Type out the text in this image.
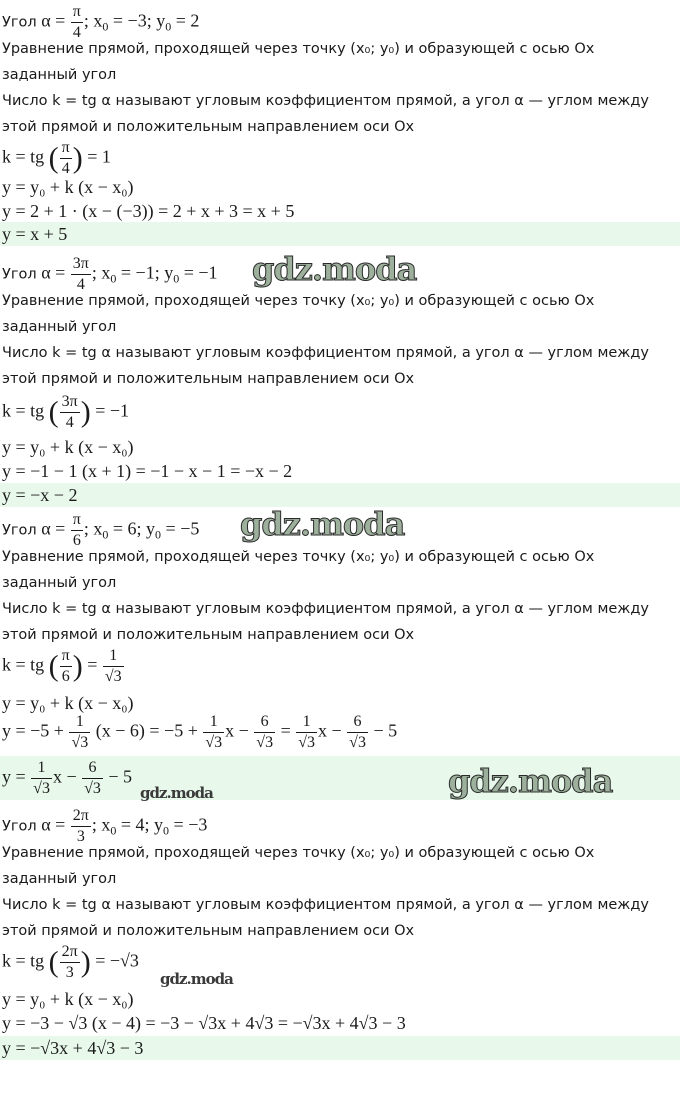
Угол $\alpha = \frac{\pi}{4}$ ; $x_0 = -3$; $y_0 = 2$
Уравнение прямой, проходящей через точку (x₀; y₀) и образующей с осью Ox
заданный угол
Число k = tg α называют угловым коэффициентом прямой, а угол α — углом между
этой прямой и положительным направлением оси Ox
k = tg ( $\frac{\pi}{4}$ ) = 1
y = y₀ + k (x − x₀)
y = 2 + 1 · (x − (−3)) = 2 + x + 3 = x + 5
y = x + 5
Угол $\alpha = \frac{3\pi}{4}$ ; $x_0 = -1$; $y_0 = -1$
Уравнение прямой, проходящей через точку (x₀; y₀) и образующей с осью Ox
заданный угол
Число k = tg α называют угловым коэффициентом прямой, а угол α — углом между
этой прямой и положительным направлением оси Ox
k = tg ( $\frac{3\pi}{4}$ ) = −1
y = y₀ + k (x − x₀)
y = −1 − 1 (x + 1) = −1 − x − 1 = −x − 2
y = −x − 2
Угол $\alpha = \frac{\pi}{6}$ ; $x_0 = 6$; $y_0 = -5$
Уравнение прямой, проходящей через точку (x₀; y₀) и образующей с осью Ox
заданный угол
Число k = tg α называют угловым коэффициентом прямой, а угол α — углом между
этой прямой и положительным направлением оси Ox
k = tg ( $\frac{\pi}{6}$ ) = $\frac{1}{√3}$
y = y₀ + k (x − x₀)
$y = -5 + \frac{1}{√3} (x - 6) = -5 + \frac{1}{√3}$ $x - \frac{6}{√3} = \frac{1}{√3}$ $x - \frac{6}{√3} - 5$
$y = \frac{1}{√3}$ $x - \frac{6}{√3} - 5$
Угол $\alpha = \frac{2\pi}{3}$ ; $x_0 = 4$; $y_0 = -3$
Уравнение прямой, проходящей через точку (x₀; y₀) и образующей с осью Ox
заданный угол
Число k = tg α называют угловым коэффициентом прямой, а угол α — углом между
этой прямой и положительным направлением оси Ox
k = tg ( $\frac{2\pi}{3}$ ) = −√3
y = y₀ + k (x − x₀)
y = −3 − √3 (x − 4) = −3 − √3x + 4√3 = −√3x + 4√3 − 3
y = −√3x + 4√3 − 3
gdz.moda
gdz.moda
gdz.moda
gdz.moda
gdz.moda
